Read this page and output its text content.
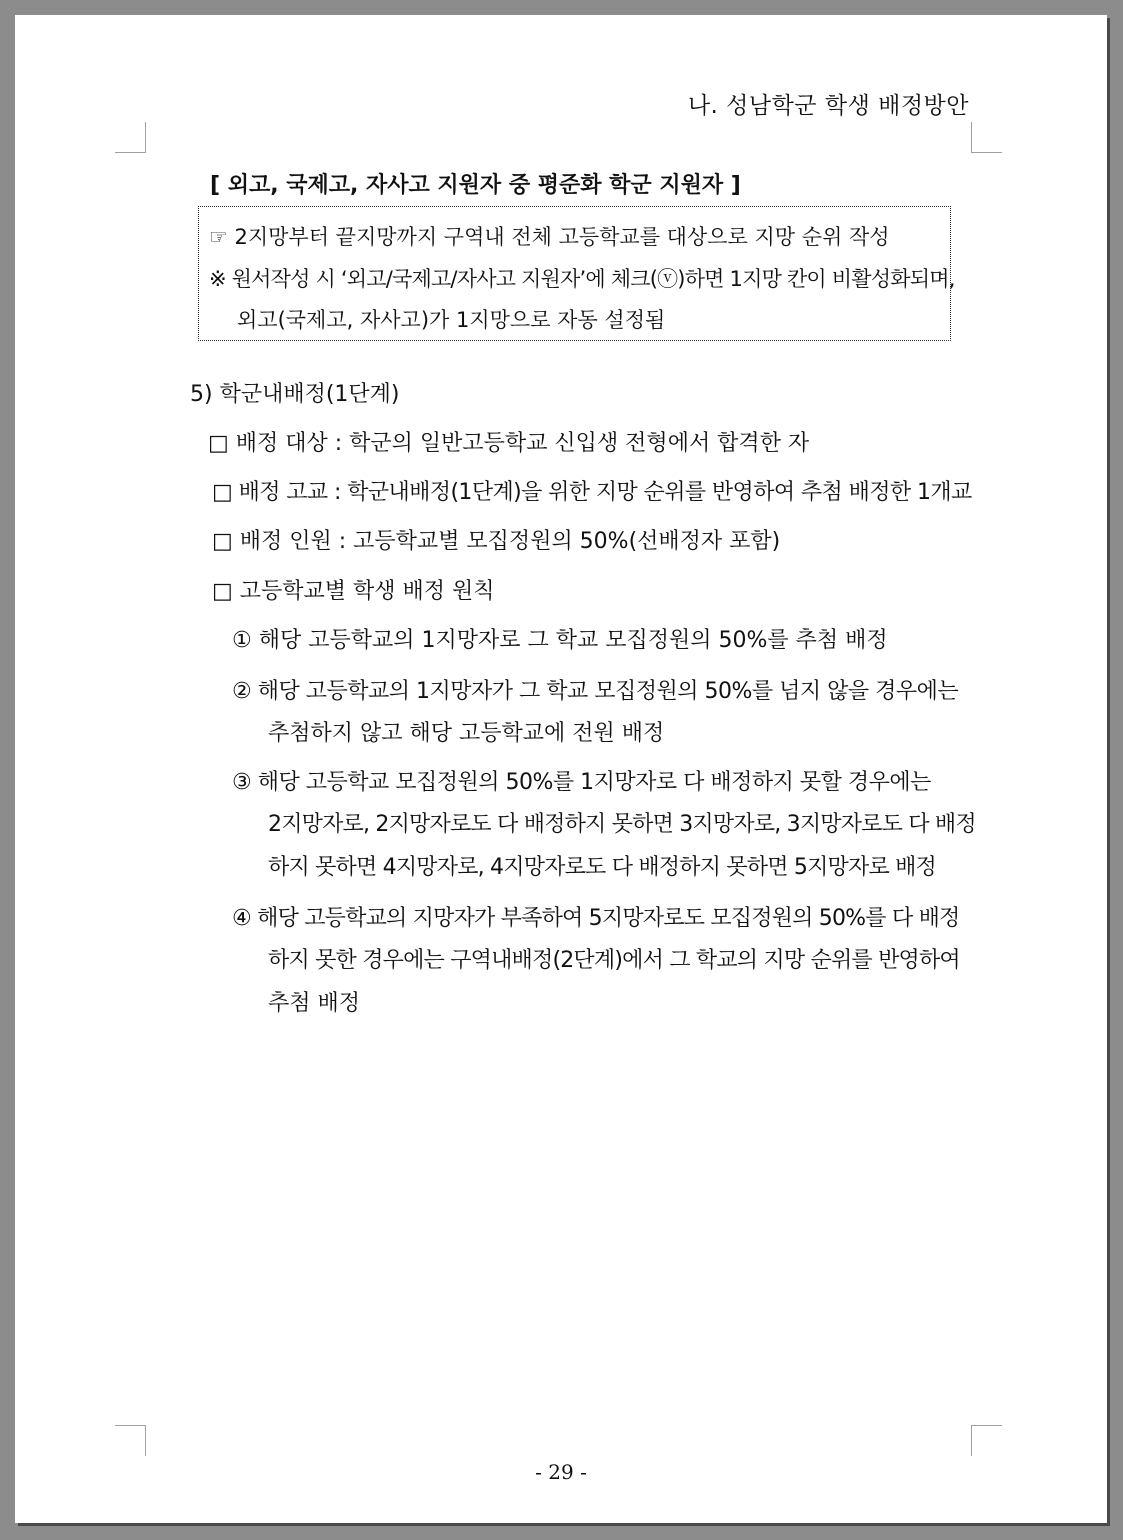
나. 성남학군 학생 배정방안
[ 외고, 국제고, 자사고 지원자 중 평준화 학군 지원자 ]
☞ 2지망부터 끝지망까지 구역내 전체 고등학교를 대상으로 지망 순위 작성
※ 원서작성 시 ‘외고/국제고/자사고 지원자’에 체크(ⓥ)하면 1지망 칸이 비활성화되며,
외고(국제고, 자사고)가 1지망으로 자동 설정됨
5) 학군내배정(1단계)
□ 배정 대상 : 학군의 일반고등학교 신입생 전형에서 합격한 자
□ 배정 고교 : 학군내배정(1단계)을 위한 지망 순위를 반영하여 추첨 배정한 1개교
□ 배정 인원 : 고등학교별 모집정원의 50%(선배정자 포함)
□ 고등학교별 학생 배정 원칙
① 해당 고등학교의 1지망자로 그 학교 모집정원의 50%를 추첨 배정
② 해당 고등학교의 1지망자가 그 학교 모집정원의 50%를 넘지 않을 경우에는
추첨하지 않고 해당 고등학교에 전원 배정
③ 해당 고등학교 모집정원의 50%를 1지망자로 다 배정하지 못할 경우에는
2지망자로, 2지망자로도 다 배정하지 못하면 3지망자로, 3지망자로도 다 배정
하지 못하면 4지망자로, 4지망자로도 다 배정하지 못하면 5지망자로 배정
④ 해당 고등학교의 지망자가 부족하여 5지망자로도 모집정원의 50%를 다 배정
하지 못한 경우에는 구역내배정(2단계)에서 그 학교의 지망 순위를 반영하여
추첨 배정
- 29 -
